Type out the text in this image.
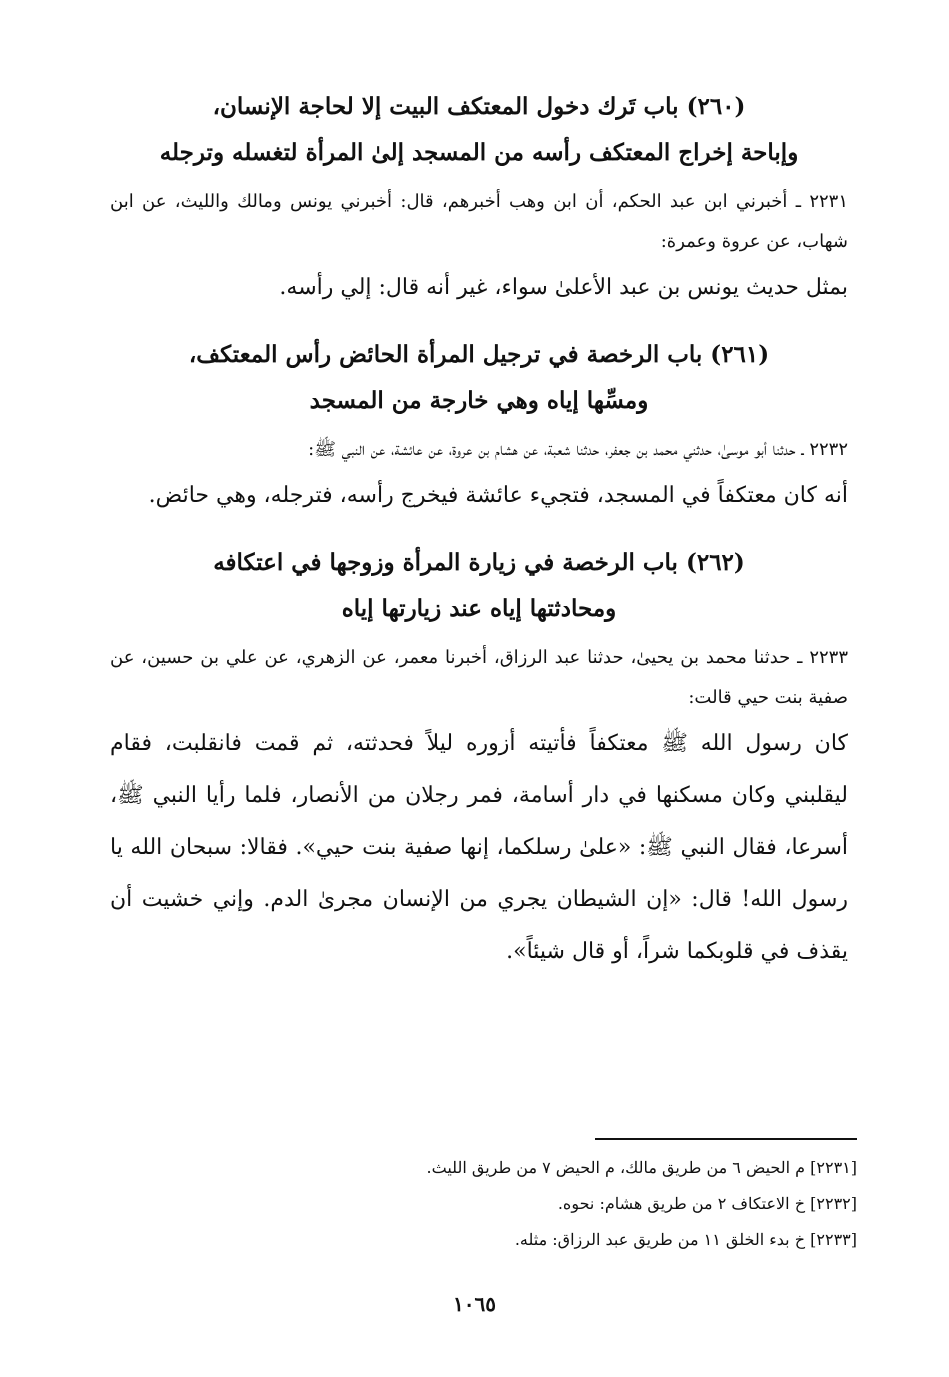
(٢٦٠) باب تَرك دخول المعتكف البيت إلا لحاجة الإنسان،
وإباحة إخراج المعتكف رأسه من المسجد إلىٰ المرأة لتغسله وترجله

٢٢٣١ ـ أخبرني ابن عبد الحكم، أن ابن وهب أخبرهم، قال: أخبرني يونس ومالك والليث، عن ابن شهاب، عن عروة وعمرة:

بمثل حديث يونس بن عبد الأعلىٰ سواء، غير أنه قال: إلي رأسه.

(٢٦١) باب الرخصة في ترجيل المرأة الحائض رأس المعتكف،
ومسِّها إياه وهي خارجة من المسجد

٢٢٣٢ ـ حدثنا أبو موسىٰ، حدثني محمد بن جعفر، حدثنا شعبة، عن هشام بن عروة، عن عائشة، عن النبي ﷺ:

أنه كان معتكفاً في المسجد، فتجيء عائشة فيخرج رأسه، فترجله، وهي حائض.

(٢٦٢) باب الرخصة في زيارة المرأة وزوجها في اعتكافه
ومحادثتها إياه عند زيارتها إياه

٢٢٣٣ ـ حدثنا محمد بن يحيىٰ، حدثنا عبد الرزاق، أخبرنا معمر، عن الزهري، عن علي بن حسين، عن صفية بنت حيي قالت:

كان رسول الله ﷺ معتكفاً فأتيته أزوره ليلاً فحدثته، ثم قمت فانقلبت، فقام ليقلبني وكان مسكنها في دار أسامة، فمر رجلان من الأنصار، فلما رأيا النبي ﷺ، أسرعا، فقال النبي ﷺ: «علىٰ رسلكما، إنها صفية بنت حيي». فقالا: سبحان الله يا رسول الله! قال: «إن الشيطان يجري من الإنسان مجرىٰ الدم. وإني خشيت أن يقذف في قلوبكما شراً، أو قال شيئاً».

[٢٢٣١] م الحيض ٦ من طريق مالك، م الحيض ٧ من طريق الليث.
[٢٢٣٢] خ الاعتكاف ٢ من طريق هشام: نحوه.
[٢٢٣٣] خ بدء الخلق ١١ من طريق عبد الرزاق: مثله.
١٠٦٥
